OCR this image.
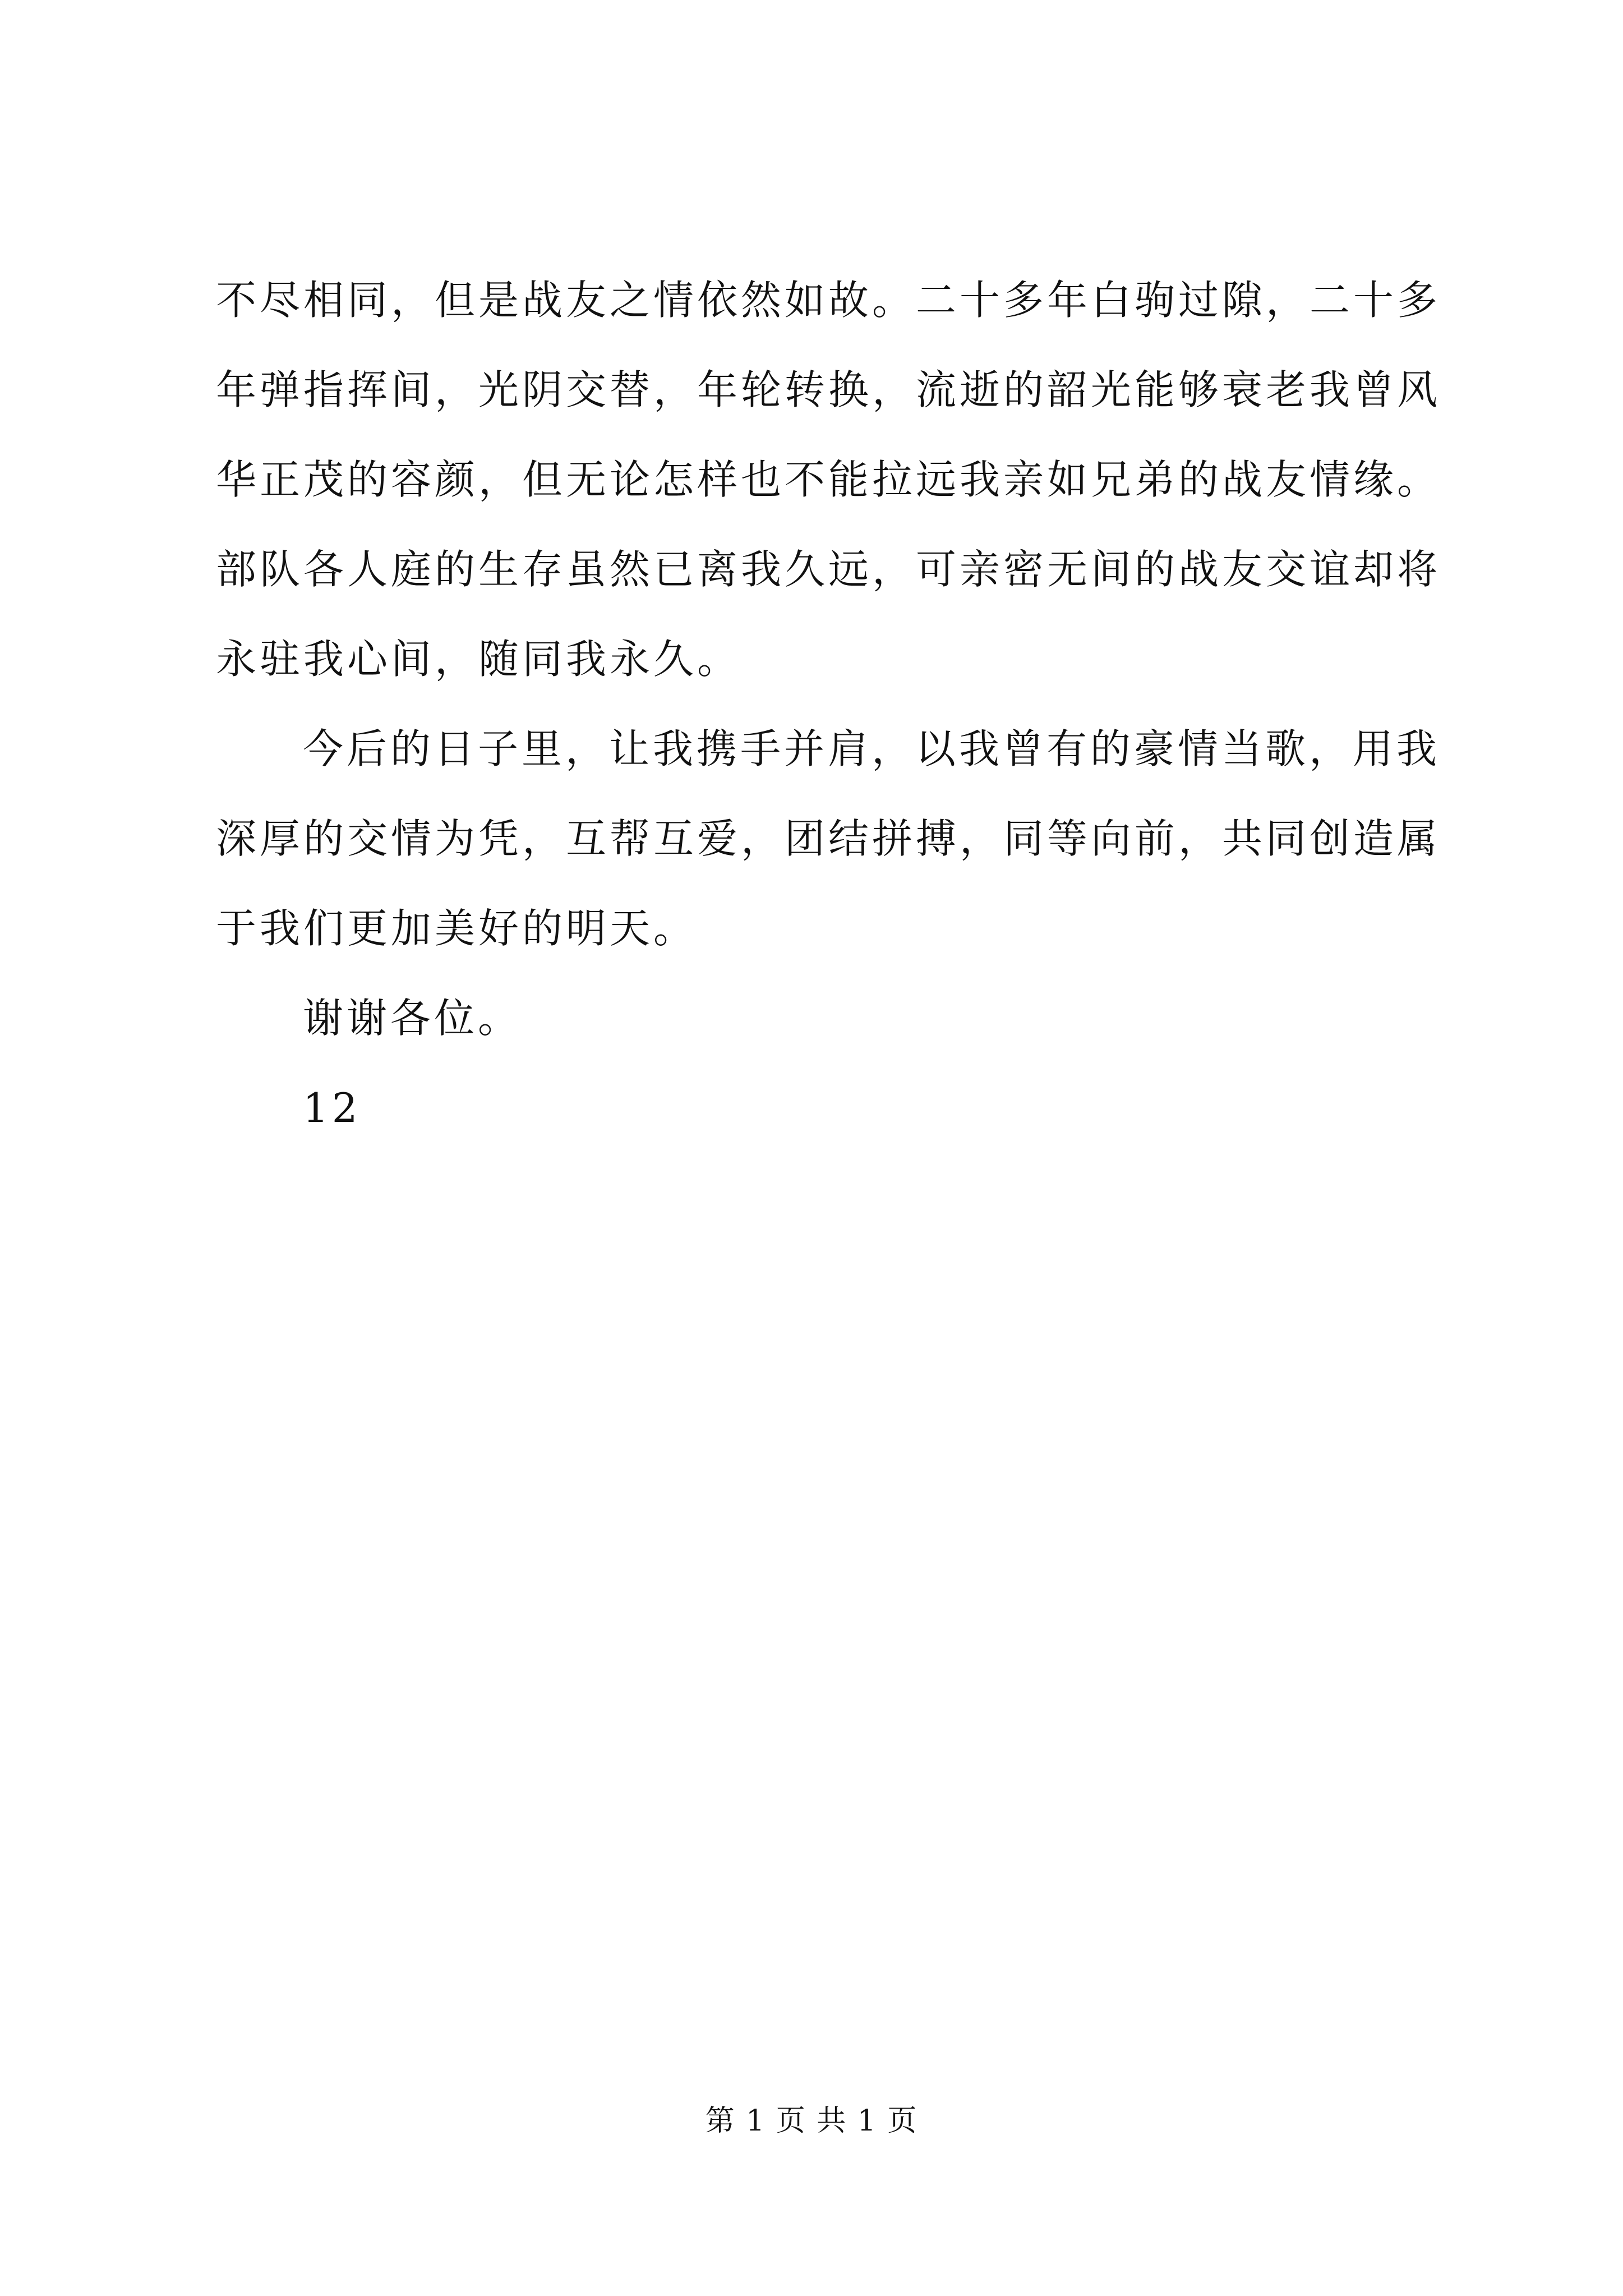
不尽相同，但是战友之情依然如故。二十多年白驹过隙，二十多
年弹指挥间，光阴交替，年轮转换，流逝的韶光能够衰老我曾风
华正茂的容颜，但无论怎样也不能拉远我亲如兄弟的战友情缘。
部队各人庭的生存虽然已离我久远，可亲密无间的战友交谊却将
永驻我心间，随同我永久。
今后的日子里，让我携手并肩，以我曾有的豪情当歌，用我
深厚的交情为凭，互帮互爱，团结拼搏，同等向前，共同创造属
于我们更加美好的明天。
谢谢各位。
12
第 1 页 共 1 页
